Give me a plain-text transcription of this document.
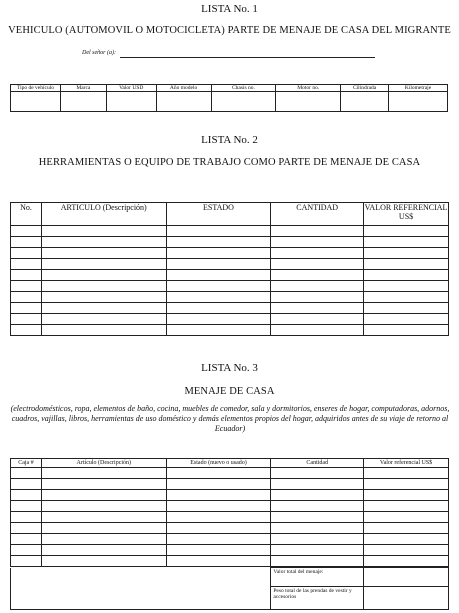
LISTA No. 1
VEHICULO (AUTOMOVIL O MOTOCICLETA) PARTE DE MENAJE DE CASA DEL MIGRANTE
Del señor (a):
Tipo de vehículo	Marca	Valor USD	Año modelo	Chasis no.	Motor no.	Cilindrada	Kilometraje

LISTA No. 2
HERRAMIENTAS O EQUIPO DE TRABAJO COMO PARTE DE MENAJE DE CASA
No.	ARTICULO (Descripción)	ESTADO	CANTIDAD	VALOR REFERENCIAL US$

LISTA No. 3
MENAJE DE CASA
(electrodomésticos, ropa, elementos de baño, cocina, muebles de comedor, sala y dormitorios, enseres de hogar, computadoras, adornos, cuadros, vajillas, libros, herramientas de uso doméstico y demás elementos propios del hogar, adquiridos antes de su viaje de retorno al Ecuador)
Caja #	Artículo (Descripción)	Estado (nuevo o usado)	Cantidad	Valor referencial US$

	Valor total del menaje:	
	Peso total de las prendas de vestir y accesorios	
